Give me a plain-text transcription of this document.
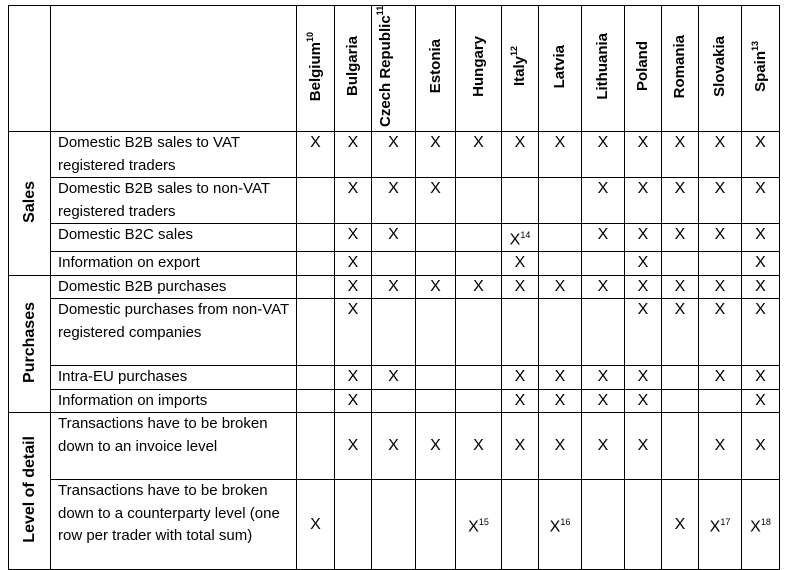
		Belgium$^{10}$	Bulgaria	Czech Republic$^{11}$	Estonia	Hungary	Italy$^{12}$	Latvia	Lithuania	Poland	Romania	Slovakia	Spain$^{13}$
Sales	Domestic B2B sales to VAT registered traders	X	X	X	X	X	X	X	X	X	X	X	X
	Domestic B2B sales to non-VAT registered traders		X	X	X				X	X	X	X	X
	Domestic B2C sales		X	X			$X^{14}$		X	X	X	X	X
	Information on export		X				X			X			X
Purchases	Domestic B2B purchases		X	X	X	X	X	X	X	X	X	X	X
	Domestic purchases from non-VAT registered companies		X							X	X	X	X
	Intra-EU purchases		X	X			X	X	X	X		X	X
	Information on imports		X				X	X	X	X			X
Level of detail	Transactions have to be broken down to an invoice level		X	X	X	X	X	X	X	X		X	X
	Transactions have to be broken down to a counterparty level (one row per trader with total sum)	X				$X^{15}$		$X^{16}$			X	$X^{17}$	$X^{18}$
